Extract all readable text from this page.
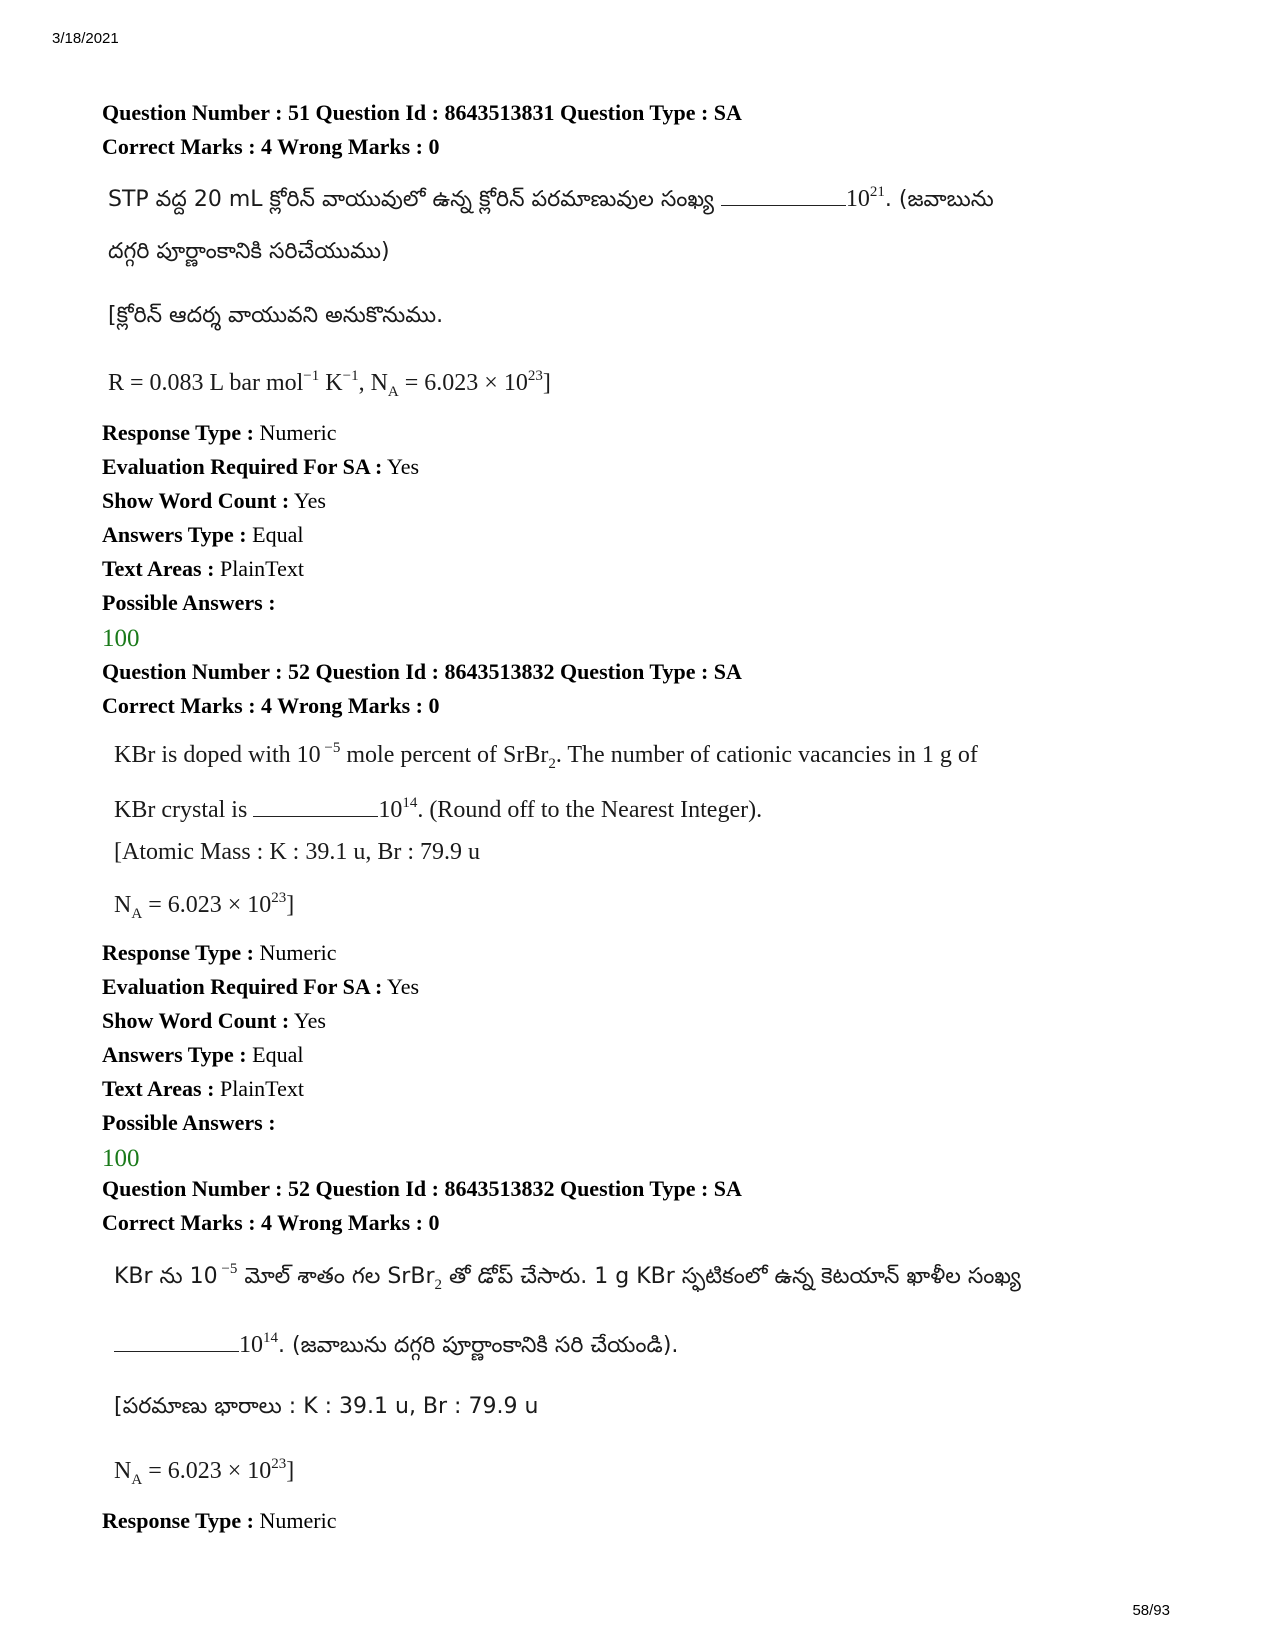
3/18/2021
Question Number : 51 Question Id : 8643513831 Question Type : SA
Correct Marks : 4 Wrong Marks : 0
STP వద్ద 20 mL క్లోరిన్ వాయువులో ఉన్న క్లోరిన్ పరమాణువుల సంఖ్య	$10^{21}$. (జవాబును
దగ్గరి పూర్ణాంకానికి సరిచేయుము)
[క్లోరిన్ ఆదర్శ వాయువని అనుకొనుము.
R = 0.083 L bar mol$^{-1}$ $K^{-1}$, $N_A = 6.023 \times 10^{23}$]
Response Type : Numeric
Evaluation Required For SA : Yes
Show Word Count : Yes
Answers Type : Equal
Text Areas : PlainText
Possible Answers :
100
Question Number : 52 Question Id : 8643513832 Question Type : SA
Correct Marks : 4 Wrong Marks : 0
KBr is doped with 10 $^{-5}$ mole percent of SrBr$_2$. The number of cationic vacancies in 1 g of
KBr crystal is	$10^{14}$. (Round off to the Nearest Integer).
[Atomic Mass : K : 39.1 u, Br : 79.9 u
$N_A = 6.023 \times 10^{23}$]
Response Type : Numeric
Evaluation Required For SA : Yes
Show Word Count : Yes
Answers Type : Equal
Text Areas : PlainText
Possible Answers :
100
Question Number : 52 Question Id : 8643513832 Question Type : SA
Correct Marks : 4 Wrong Marks : 0
KBr ను 10 $^{-5}$ మోల్ శాతం గల SrBr$_2$ తో డోప్ చేసారు. 1 g KBr స్ఫటికంలో ఉన్న కెటయాన్ ఖాళీల సంఖ్య
$10^{14}$. (జవాబును దగ్గరి పూర్ణాంకానికి సరి చేయండి).
[పరమాణు భారాలు : K : 39.1 u, Br : 79.9 u
$N_A = 6.023 \times 10^{23}$]
Response Type : Numeric
58/93
